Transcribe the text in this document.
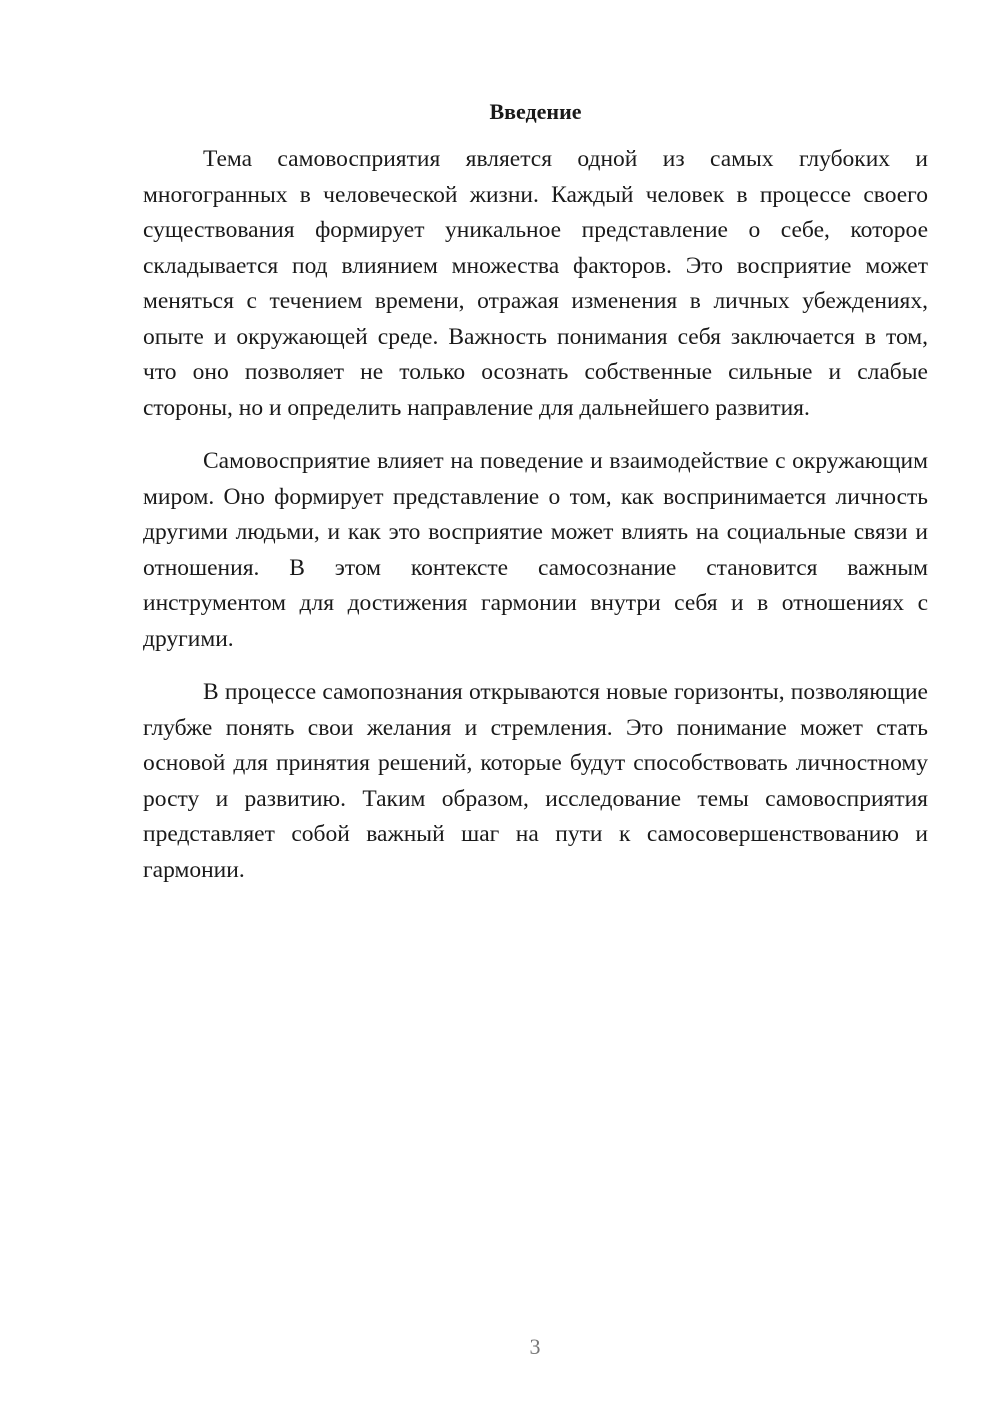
Введение

Тема самовосприятия является одной из самых глубоких и многогранных в человеческой жизни. Каждый человек в процессе своего существования формирует уникальное представление о себе, которое складывается под влиянием множества факторов. Это восприятие может меняться с течением времени, отражая изменения в личных убеждениях, опыте и окружающей среде. Важность понимания себя заключается в том, что оно позволяет не только осознать собственные сильные и слабые стороны, но и определить направление для дальнейшего развития.

Самовосприятие влияет на поведение и взаимодействие с окружающим миром. Оно формирует представление о том, как воспринимается личность другими людьми, и как это восприятие может влиять на социальные связи и отношения. В этом контексте самосознание становится важным инструментом для достижения гармонии внутри себя и в отношениях с другими.

В процессе самопознания открываются новые горизонты, позволяющие глубже понять свои желания и стремления. Это понимание может стать основой для принятия решений, которые будут способствовать личностному росту и развитию. Таким образом, исследование темы самовосприятия представляет собой важный шаг на пути к самосовершенствованию и гармонии.

3
